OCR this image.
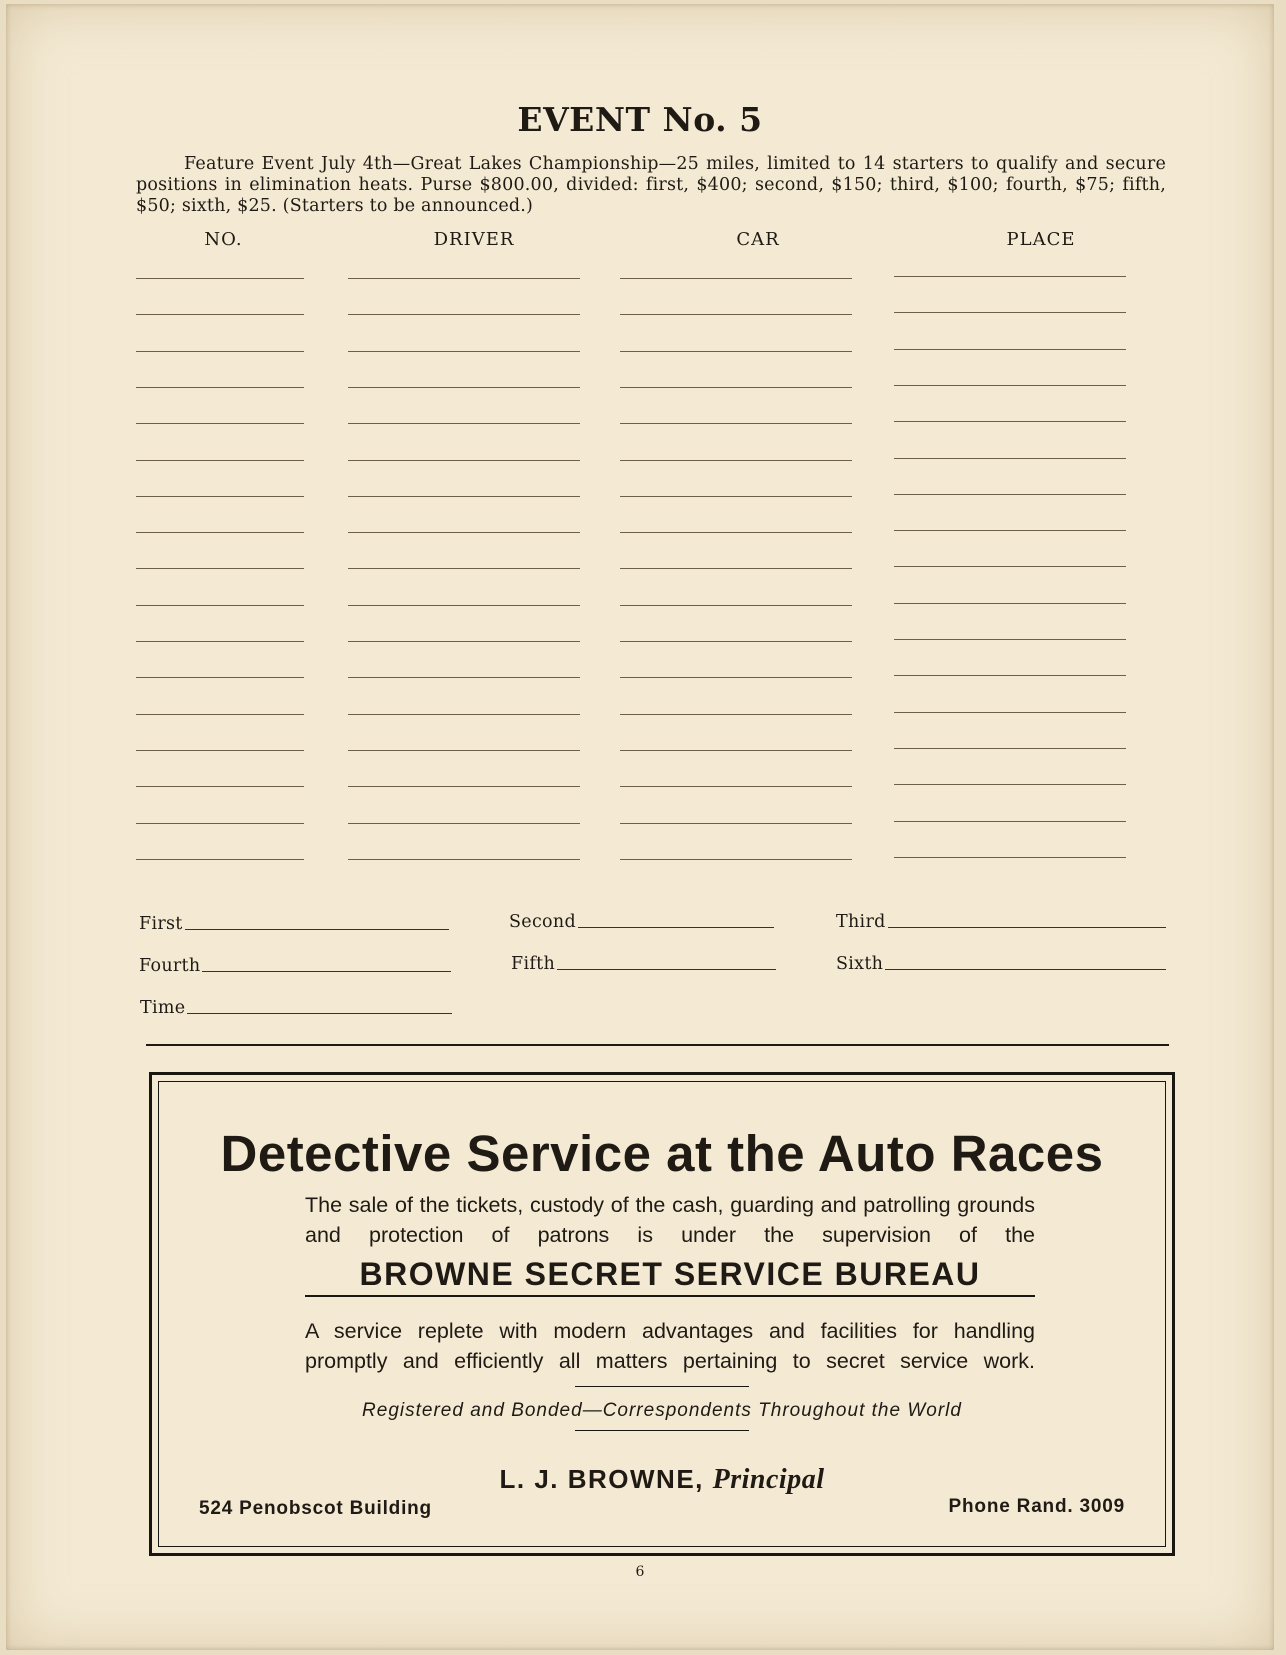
EVENT No. 5
Feature Event July 4th—Great Lakes Championship—25 miles, limited to 14 starters to qualify and secure positions in elimination heats. Purse $800.00, divided: first, $400; second, $150; third, $100; fourth, $75; fifth, $50; sixth, $25. (Starters to be announced.)
NO.	DRIVER	CAR	PLACE
First	Second	Third
Fourth	Fifth	Sixth
Time
Detective Service at the Auto Races
The sale of the tickets, custody of the cash, guarding and patrolling grounds and protection of patrons is under the supervision of the
BROWNE SECRET SERVICE BUREAU
A service replete with modern advantages and facilities for handling promptly and efficiently all matters pertaining to secret service work.
Registered and Bonded—Correspondents Throughout the World
L. J. BROWNE, Principal
524 Penobscot Building	Phone Rand. 3009
6
